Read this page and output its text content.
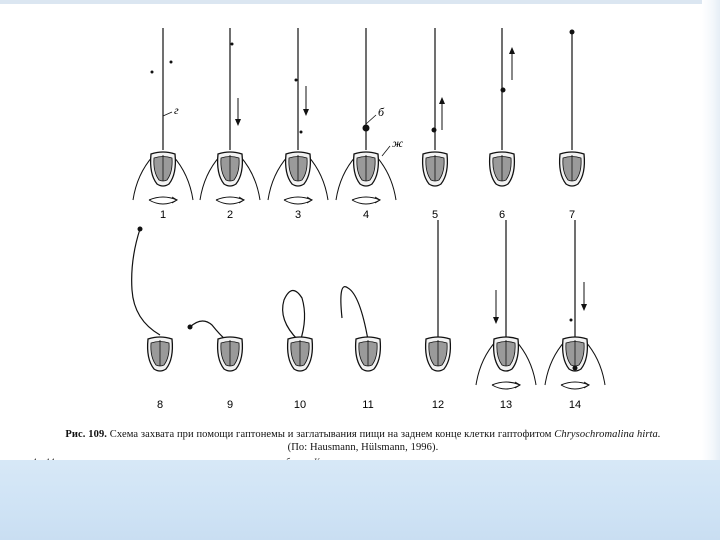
1	2	3	4	5	6	7
г	б
ж
8	9	10	11	12	13	14
Рис. 109. Схема захвата при помощи гаптонемы и заглатывания пищи на заднем конце клетки гаптофитом Chrysochromalina hirta.
(По: Hausmann, Hülsmann, 1996).
